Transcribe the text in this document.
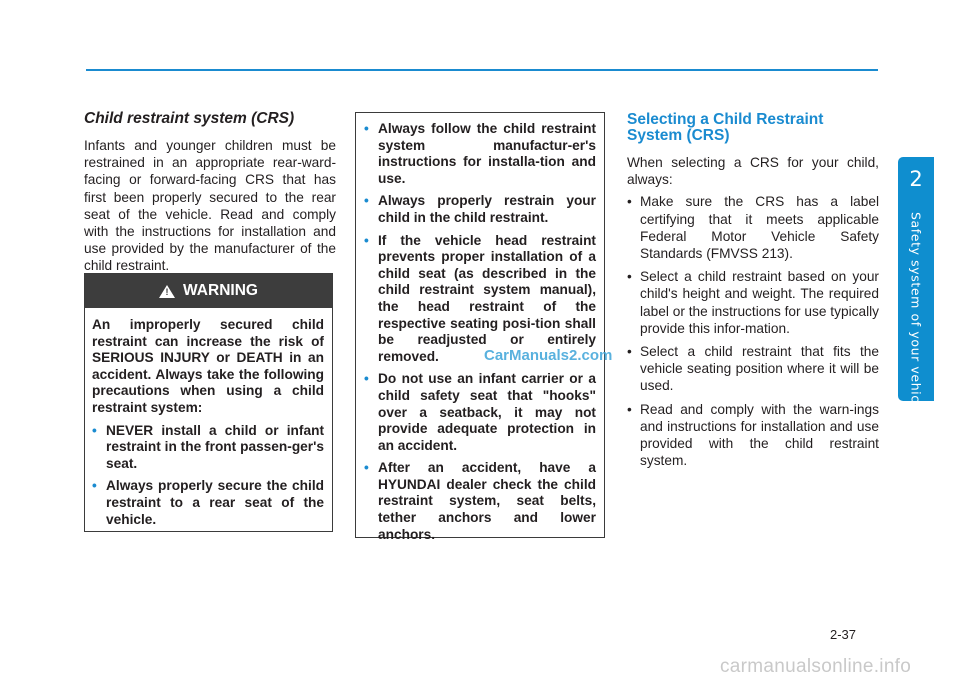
2
Safety system of your vehicle
Child restraint system (CRS)

Infants and younger children must be restrained in an appropriate rear-ward-facing or forward-facing CRS that has first been properly secured to the rear seat of the vehicle. Read and comply with the instructions for installation and use provided by the manufacturer of the child restraint.

! WARNING

An improperly secured child restraint can increase the risk of SERIOUS INJURY or DEATH in an accident. Always take the following precautions when using a child restraint system:

• NEVER install a child or infant restraint in the front passen-ger's seat.
• Always properly secure the child restraint to a rear seat of the vehicle.
• Always follow the child restraint system manufactur-er's instructions for installa-tion and use.
• Always properly restrain your child in the child restraint.
• If the vehicle head restraint prevents proper installation of a child seat (as described in the child restraint system manual), the head restraint of the respective seating posi-tion shall be readjusted or entirely removed.
• Do not use an infant carrier or a child safety seat that "hooks" over a seatback, it may not provide adequate protection in an accident.
• After an accident, have a HYUNDAI dealer check the child restraint system, seat belts, tether anchors and lower anchors.
Selecting a Child Restraint System (CRS)

When selecting a CRS for your child, always:

• Make sure the CRS has a label certifying that it meets applicable Federal Motor Vehicle Safety Standards (FMVSS 213).
• Select a child restraint based on your child's height and weight. The required label or the instructions for use typically provide this infor-mation.
• Select a child restraint that fits the vehicle seating position where it will be used.
• Read and comply with the warn-ings and instructions for installation and use provided with the child restraint system.
2-37
CarManuals2.com
carmanualsonline.info
